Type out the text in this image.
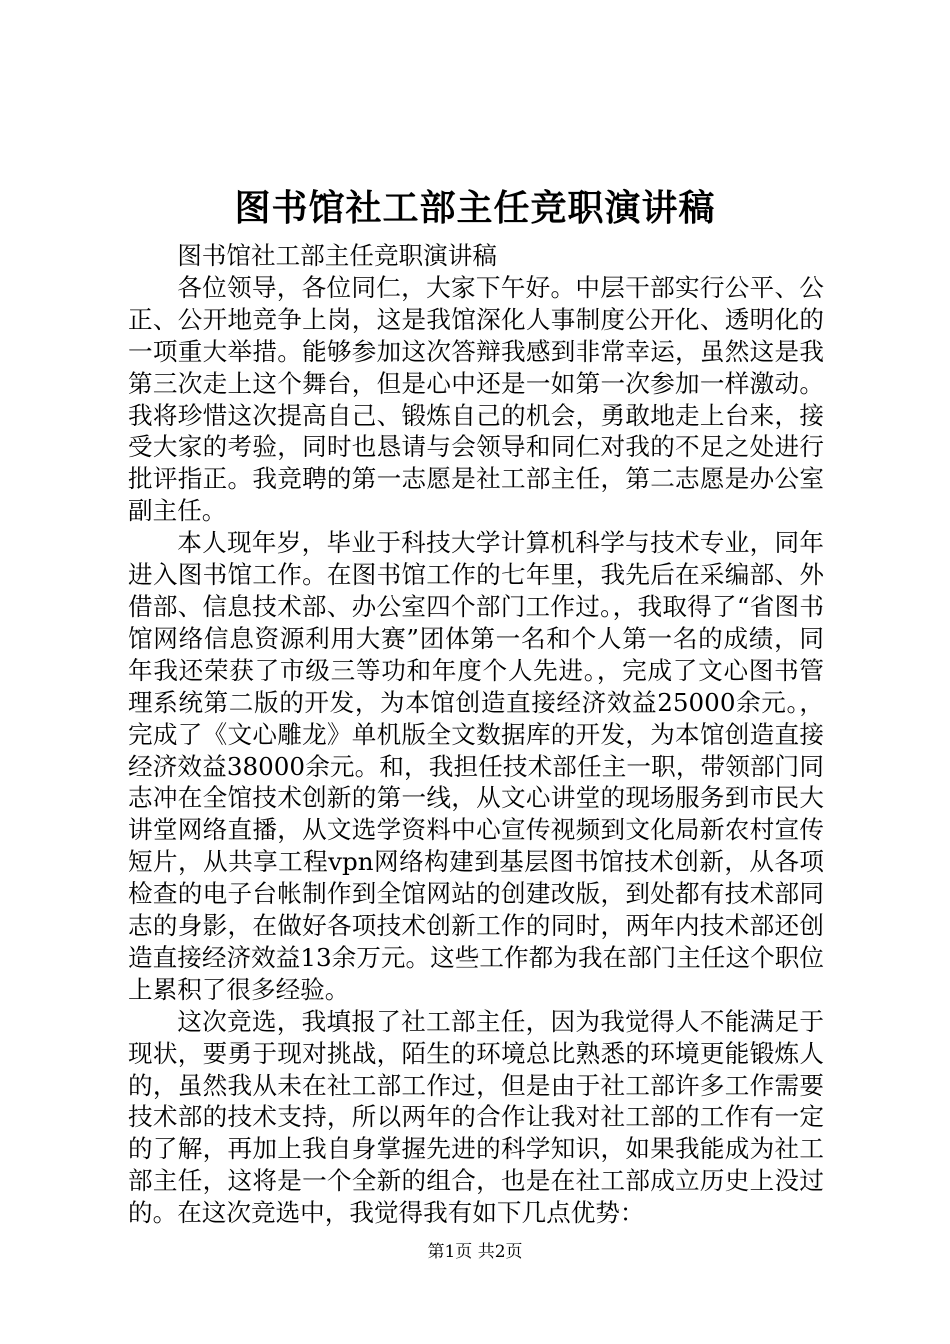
图书馆社工部主任竞职演讲稿

图书馆社工部主任竞职演讲稿

各位领导，各位同仁，大家下午好。中层干部实行公平、公正、公开地竞争上岗，这是我馆深化人事制度公开化、透明化的一项重大举措。能够参加这次答辩我感到非常幸运，虽然这是我第三次走上这个舞台，但是心中还是一如第一次参加一样激动。我将珍惜这次提高自己、锻炼自己的机会，勇敢地走上台来，接受大家的考验，同时也恳请与会领导和同仁对我的不足之处进行批评指正。我竞聘的第一志愿是社工部主任，第二志愿是办公室副主任。

本人现年岁，毕业于科技大学计算机科学与技术专业，同年进入图书馆工作。在图书馆工作的七年里，我先后在采编部、外借部、信息技术部、办公室四个部门工作过。，我取得了“省图书馆网络信息资源利用大赛”团体第一名和个人第一名的成绩，同年我还荣获了市级三等功和年度个人先进。，完成了文心图书管理系统第二版的开发，为本馆创造直接经济效益25000余元。，完成了《文心雕龙》单机版全文数据库的开发，为本馆创造直接经济效益38000余元。和，我担任技术部任主一职，带领部门同志冲在全馆技术创新的第一线，从文心讲堂的现场服务到市民大讲堂网络直播，从文选学资料中心宣传视频到文化局新农村宣传短片，从共享工程vpn网络构建到基层图书馆技术创新，从各项检查的电子台帐制作到全馆网站的创建改版，到处都有技术部同志的身影，在做好各项技术创新工作的同时，两年内技术部还创造直接经济效益13余万元。这些工作都为我在部门主任这个职位上累积了很多经验。

这次竞选，我填报了社工部主任，因为我觉得人不能满足于现状，要勇于现对挑战，陌生的环境总比熟悉的环境更能锻炼人的，虽然我从未在社工部工作过，但是由于社工部许多工作需要技术部的技术支持，所以两年的合作让我对社工部的工作有一定的了解，再加上我自身掌握先进的科学知识，如果我能成为社工部主任，这将是一个全新的组合，也是在社工部成立历史上没过的。在这次竞选中，我觉得我有如下几点优势：

第1页 共2页
